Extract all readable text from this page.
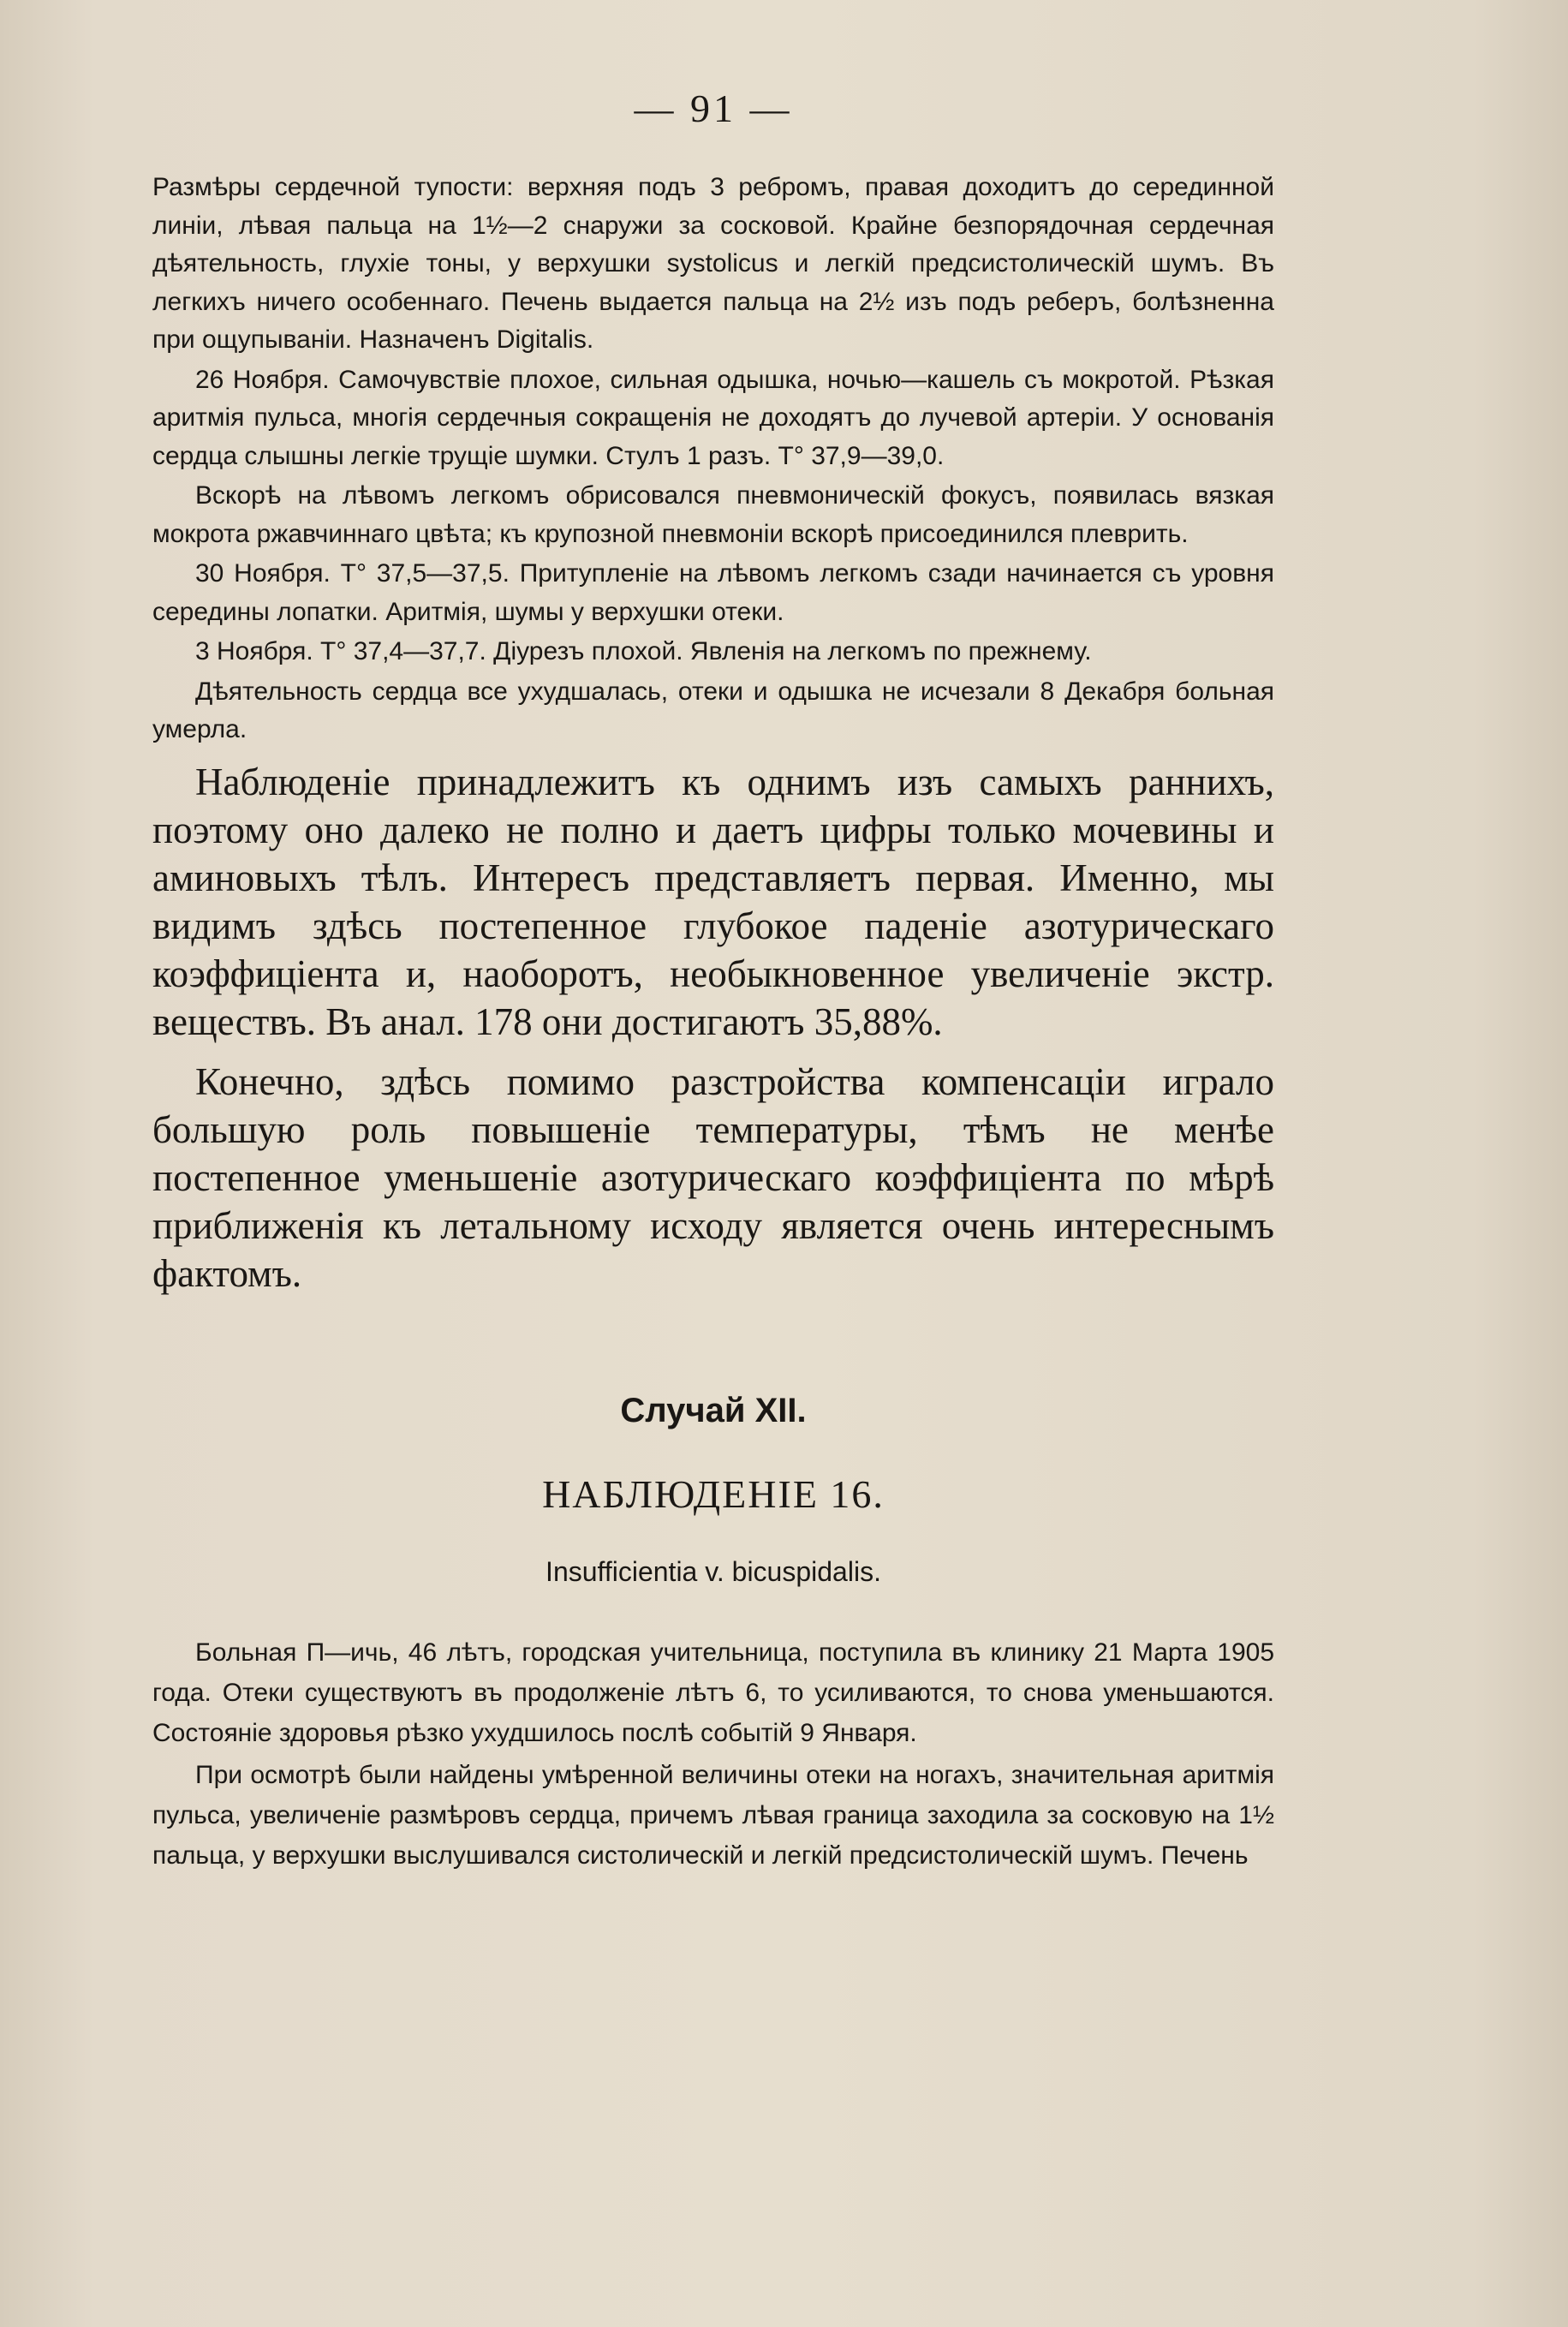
— 91 —

Размѣры сердечной тупости: верхняя подъ 3 ребромъ, правая доходитъ до серединной линіи, лѣвая пальца на 1½—2 снаружи за сосковой. Крайне безпорядочная сердечная дѣятельность, глухіе тоны, у верхушки systolicus и легкій предсистолическій шумъ. Въ легкихъ ничего особеннаго. Печень выдается пальца на 2½ изъ подъ реберъ, болѣзненна при ощупываніи. Назначенъ Digitalis.

26 Ноября. Самочувствіе плохое, сильная одышка, ночью—кашель съ мокротой. Рѣзкая аритмія пульса, многія сердечныя сокращенія не доходятъ до лучевой артеріи. У основанія сердца слышны легкіе трущіе шумки. Стулъ 1 разъ. T° 37,9—39,0.

Вскорѣ на лѣвомъ легкомъ обрисовался пневмоническій фокусъ, появилась вязкая мокрота ржавчиннаго цвѣта; къ крупозной пневмоніи вскорѣ присоединился плеврить.

30 Ноября. T° 37,5—37,5. Притупленіе на лѣвомъ легкомъ сзади начинается съ уровня середины лопатки. Аритмія, шумы у верхушки отеки.

3 Ноября. T° 37,4—37,7. Діурезъ плохой. Явленія на легкомъ по прежнему.

Дѣятельность сердца все ухудшалась, отеки и одышка не исчезали 8 Декабря больная умерла.

Наблюденіе принадлежитъ къ однимъ изъ самыхъ раннихъ, поэтому оно далеко не полно и даетъ цифры только мочевины и аминовыхъ тѣлъ. Интересъ представляетъ первая. Именно, мы видимъ здѣсь постепенное глубокое паденіе азотурическаго коэффиціента и, наоборотъ, необыкновенное увеличеніе экстр. веществъ. Въ анал. 178 они достигаютъ 35,88%.

Конечно, здѣсь помимо разстройства компенсаціи играло большую роль повышеніе температуры, тѣмъ не менѣе постепенное уменьшеніе азотурическаго коэффиціента по мѣрѣ приближенія къ летальному исходу является очень интереснымъ фактомъ.

Случай XII.
НАБЛЮДЕНІЕ 16.
Insufficientia v. bicuspidalis.

Больная П—ичь, 46 лѣтъ, городская учительница, поступила въ клинику 21 Марта 1905 года. Отеки существуютъ въ продолженіе лѣтъ 6, то усиливаются, то снова уменьшаются. Состояніе здоровья рѣзко ухудшилось послѣ событій 9 Января.

При осмотрѣ были найдены умѣренной величины отеки на ногахъ, значительная аритмія пульса, увеличеніе размѣровъ сердца, причемъ лѣвая граница заходила за сосковую на 1½ пальца, у верхушки выслушивался систолическій и легкій предсистолическій шумъ. Печень
